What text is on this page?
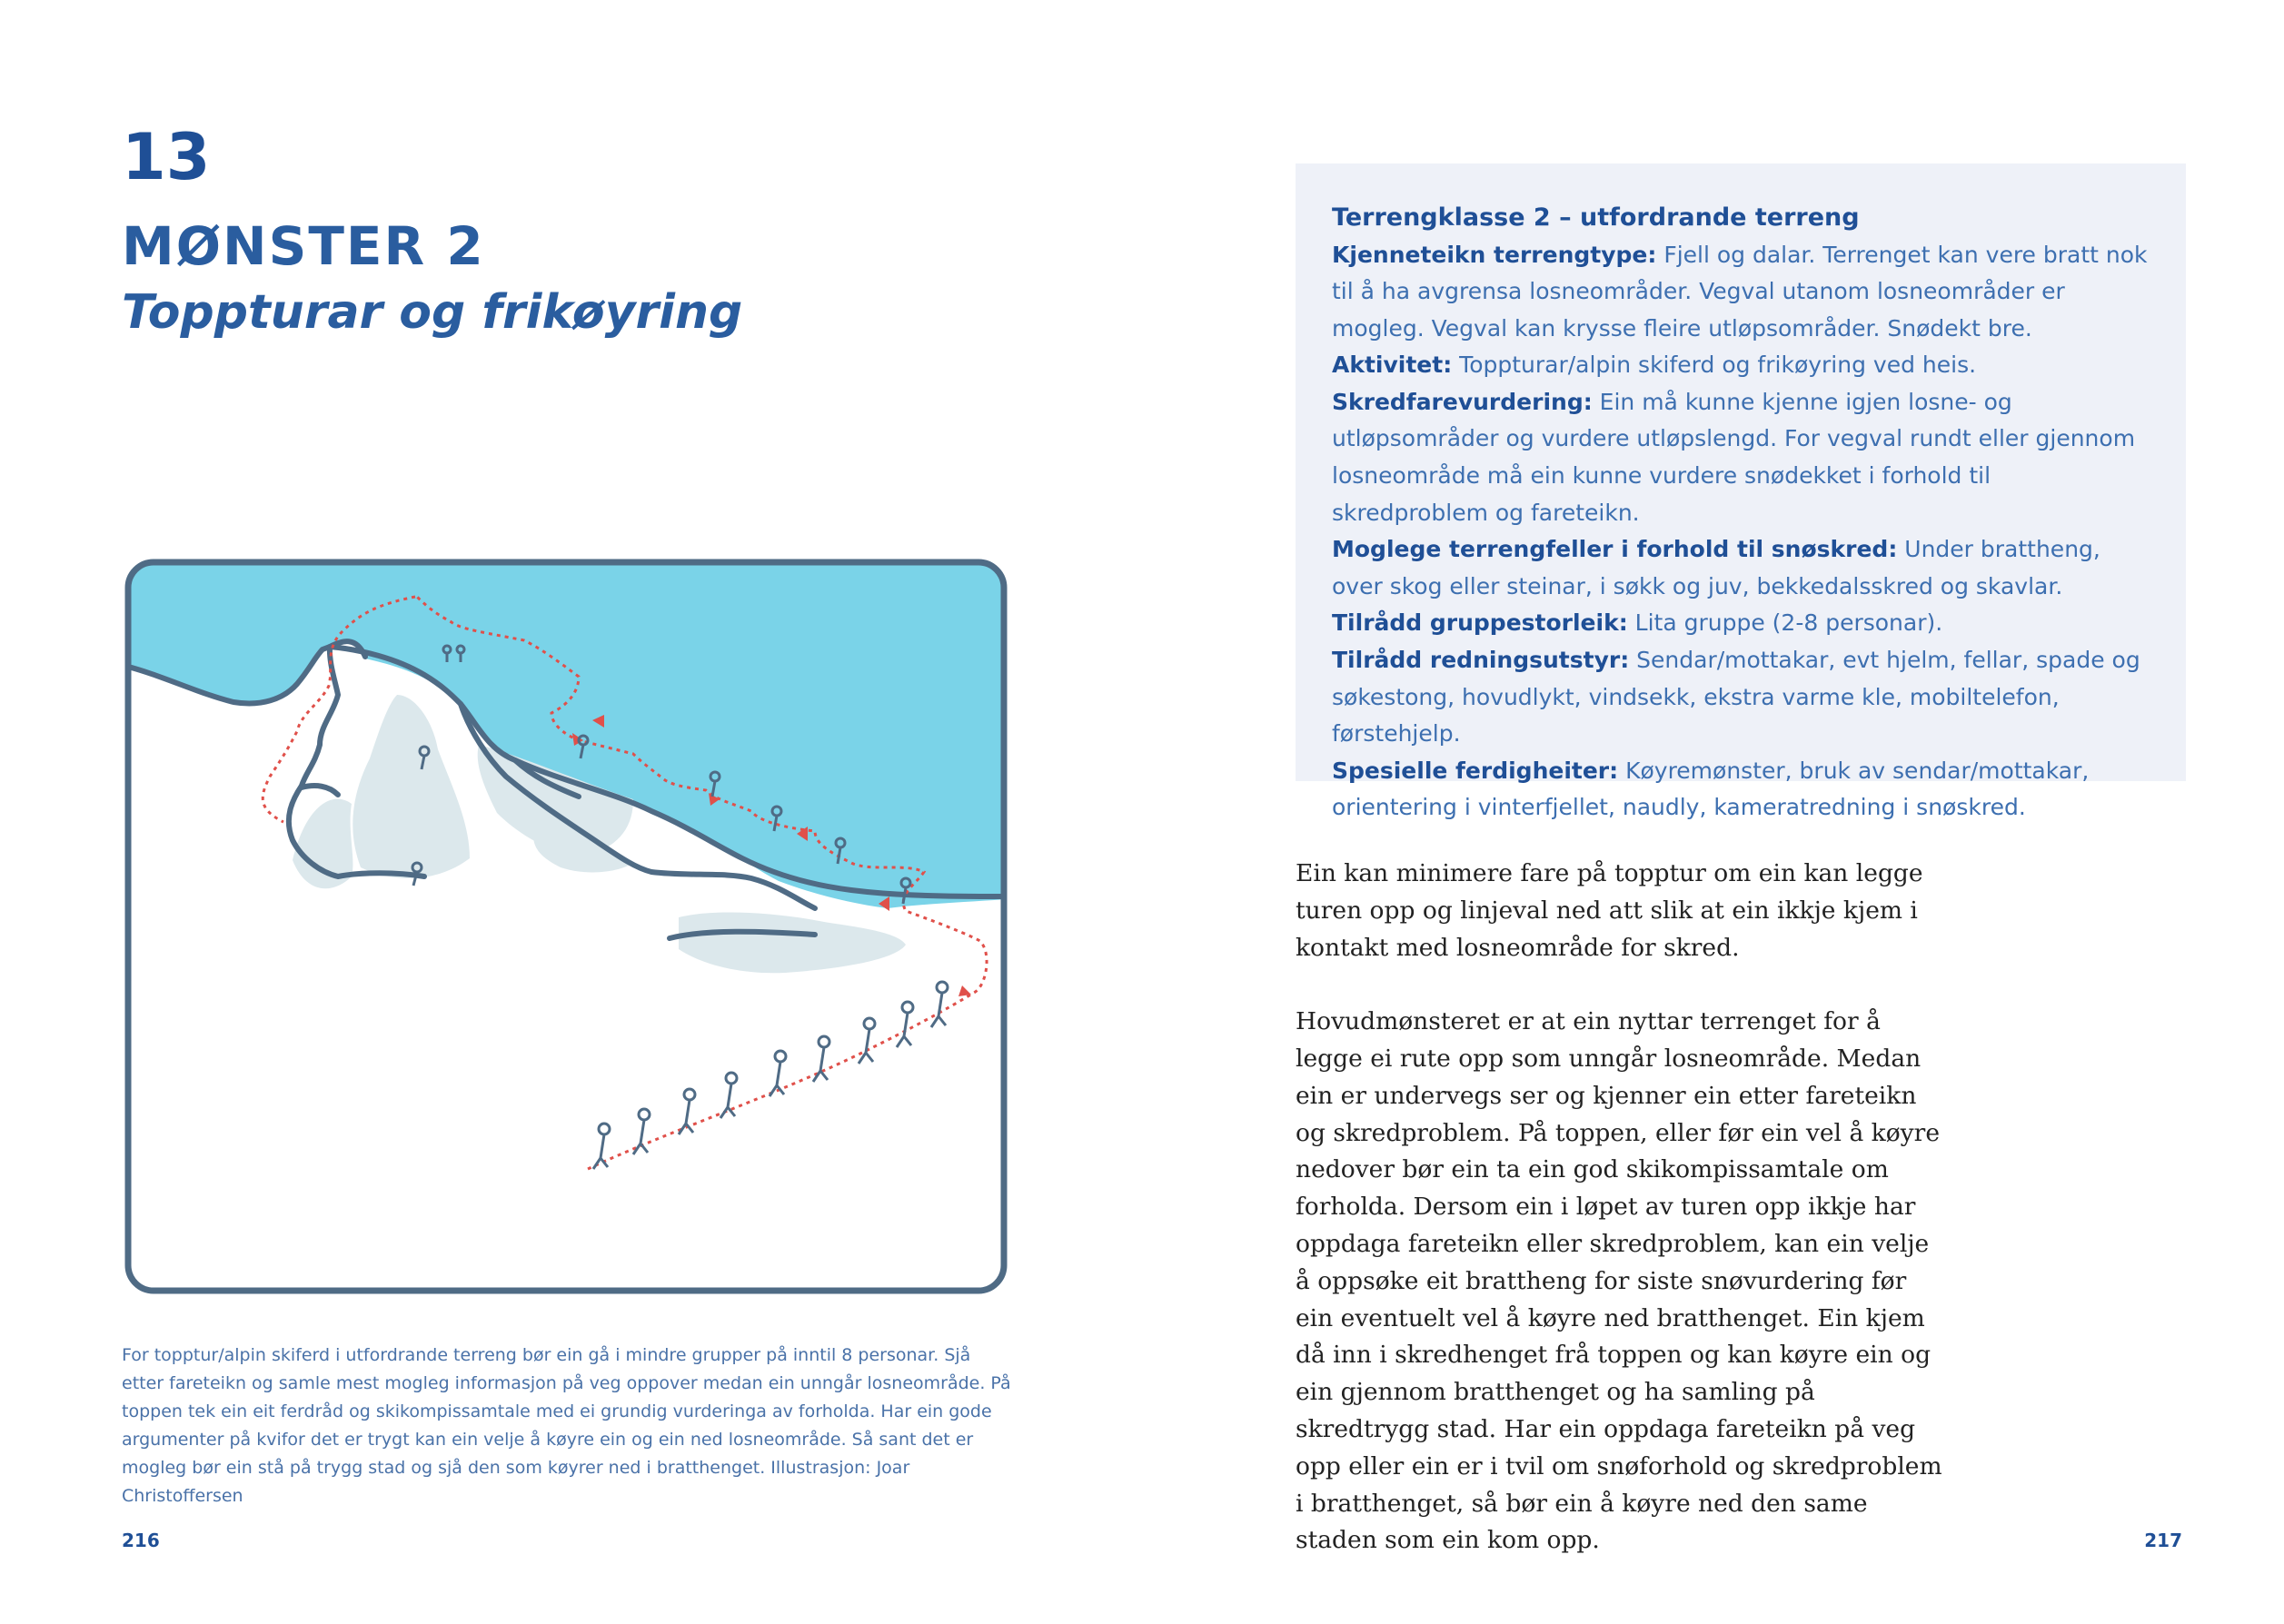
13
MØNSTER 2
Toppturar og frikøyring

For topptur/alpin skiferd i utfordrande terreng bør ein gå i mindre grupper på inntil 8 personar. Sjå etter fareteikn og samle mest mogleg informasjon på veg oppover medan ein unngår losneområde. På toppen tek ein eit ferdråd og skikompissamtale med ei grundig vurderinga av forholda. Har ein gode argumenter på kvifor det er trygt kan ein velje å køyre ein og ein ned losneområde. Så sant det er mogleg bør ein stå på trygg stad og sjå den som køyrer ned i bratthenget. Illustrasjon: Joar Christoffersen

216

Terrengklasse 2 – utfordrande terreng

Kjenneteikn terrengtype: Fjell og dalar. Terrenget kan vere bratt nok til å ha avgrensa losneområder. Vegval utanom losneområder er mogleg. Vegval kan krysse fleire utløpsområder. Snødekt bre.

Aktivitet: Toppturar/alpin skiferd og frikøyring ved heis.

Skredfarevurdering: Ein må kunne kjenne igjen losne- og utløpsområder og vurdere utløpslengd. For vegval rundt eller gjennom losneområde må ein kunne vurdere snødekket i forhold til skredproblem og fareteikn.

Moglege terrengfeller i forhold til snøskred: Under brattheng, over skog eller steinar, i søkk og juv, bekkedalsskred og skavlar.

Tilrådd gruppestorleik: Lita gruppe (2-8 personar).

Tilrådd redningsutstyr: Sendar/mottakar, evt hjelm, fellar, spade og søkestong, hovudlykt, vindsekk, ekstra varme kle, mobiltelefon, førstehjelp.

Spesielle ferdigheiter: Køyremønster, bruk av sendar/mottakar, orientering i vinterfjellet, naudly, kameratredning i snøskred.

Ein kan minimere fare på topptur om ein kan legge turen opp og linjeval ned att slik at ein ikkje kjem i kontakt med losneområde for skred.

Hovudmønsteret er at ein nyttar terrenget for å legge ei rute opp som unngår losneområde. Medan ein er undervegs ser og kjenner ein etter fareteikn og skredproblem. På toppen, eller før ein vel å køyre nedover bør ein ta ein god skikompissamtale om forholda. Dersom ein i løpet av turen opp ikkje har oppdaga fareteikn eller skredproblem, kan ein velje å oppsøke eit brattheng for siste snøvurdering før ein eventuelt vel å køyre ned bratthenget. Ein kjem då inn i skredhenget frå toppen og kan køyre ein og ein gjennom bratthenget og ha samling på skredtrygg stad. Har ein oppdaga fareteikn på veg opp eller ein er i tvil om snøforhold og skredproblem i bratthenget, så bør ein å køyre ned den same staden som ein kom opp.	217
